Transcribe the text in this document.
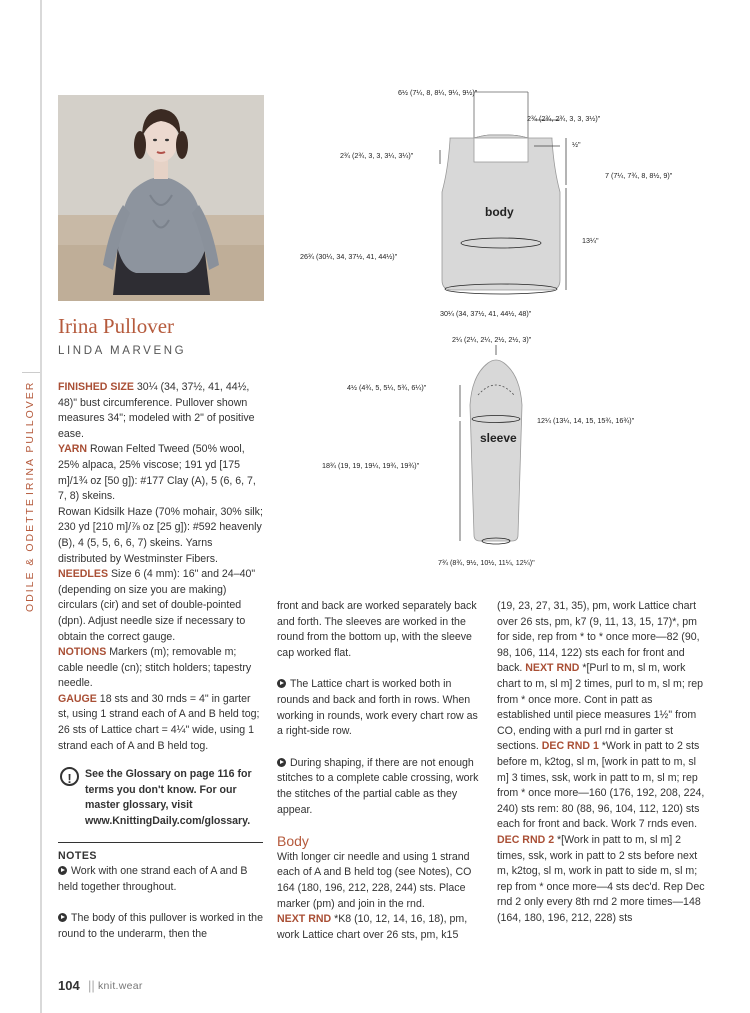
IRINA PULLOVER
ODILE & ODETTE
Irina Pullover
LINDA MARVENG
6½ (7¼, 8, 8¼, 9¼, 9½)"
2¾ (2¾, 2¾, 3, 3, 3½)"
½"
2¾ (2¾, 3, 3, 3¼, 3¼)"
7 (7¼, 7¾, 8, 8½, 9)"
body
13¼"
26¾ (30¼, 34, 37½, 41, 44½)"
30¼ (34, 37½, 41, 44½, 48)"
2¼ (2¼, 2¼, 2½, 2½, 3)"
4½ (4¾, 5, 5¼, 5¾, 6¼)"
12¼ (13¼, 14, 15, 15¾, 16¾)"
sleeve
18¾ (19, 19, 19¼, 19¾, 19¾)"
7¾ (8¾, 9½, 10½, 11¼, 12¼)"

FINISHED SIZE 30¼ (34, 37½, 41, 44½, 48)" bust circumference. Pullover shown measures 34"; modeled with 2" of positive ease.

YARN Rowan Felted Tweed (50% wool, 25% alpaca, 25% viscose; 191 yd [175 m]/1¾ oz [50 g]): #177 Clay (A), 5 (6, 6, 7, 7, 8) skeins.

Rowan Kidsilk Haze (70% mohair, 30% silk; 230 yd [210 m]/⅞ oz [25 g]): #592 heavenly (B), 4 (5, 5, 6, 6, 7) skeins. Yarns distributed by Westminster Fibers.

NEEDLES Size 6 (4 mm): 16" and 24–40" (depending on size you are making) circulars (cir) and set of double-pointed (dpn). Adjust needle size if necessary to obtain the correct gauge.

NOTIONS Markers (m); removable m; cable needle (cn); stitch holders; tapestry needle.

GAUGE 18 sts and 30 rnds = 4" in garter st, using 1 strand each of A and B held tog; 26 sts of Lattice chart = 4¼" wide, using 1 strand each of A and B held tog.

!	See the Glossary on page 116 for terms you don't know. For our master glossary, visit www.KnittingDaily.com/glossary.

NOTES

Work with one strand each of A and B held together throughout.

The body of this pullover is worked in the round to the underarm, then the

front and back are worked separately back and forth. The sleeves are worked in the round from the bottom up, with the sleeve cap worked flat.

The Lattice chart is worked both in rounds and back and forth in rows. When working in rounds, work every chart row as a right-side row.

During shaping, if there are not enough stitches to a complete cable crossing, work the stitches of the partial cable as they appear.

Body

With longer cir needle and using 1 strand each of A and B held tog (see Notes), CO 164 (180, 196, 212, 228, 244) sts. Place marker (pm) and join in the rnd.

NEXT RND *K8 (10, 12, 14, 16, 18), pm, work Lattice chart over 26 sts, pm, k15

(19, 23, 27, 31, 35), pm, work Lattice chart over 26 sts, pm, k7 (9, 11, 13, 15, 17)*, pm for side, rep from * to * once more—82 (90, 98, 106, 114, 122) sts each for front and back. NEXT RND *[Purl to m, sl m, work chart to m, sl m] 2 times, purl to m, sl m; rep from * once more. Cont in patt as established until piece measures 1½" from CO, ending with a purl rnd in garter st sections. DEC RND 1 *Work in patt to 2 sts before m, k2tog, sl m, [work in patt to m, sl m] 3 times, ssk, work in patt to m, sl m; rep from * once more—160 (176, 192, 208, 224, 240) sts rem: 80 (88, 96, 104, 112, 120) sts each for front and back. Work 7 rnds even. DEC RND 2 *[Work in patt to m, sl m] 2 times, ssk, work in patt to 2 sts before next m, k2tog, sl m, work in patt to side m, sl m; rep from * once more—4 sts dec'd. Rep Dec rnd 2 only every 8th rnd 2 more times—148 (164, 180, 196, 212, 228) sts

104 || knit.wear
